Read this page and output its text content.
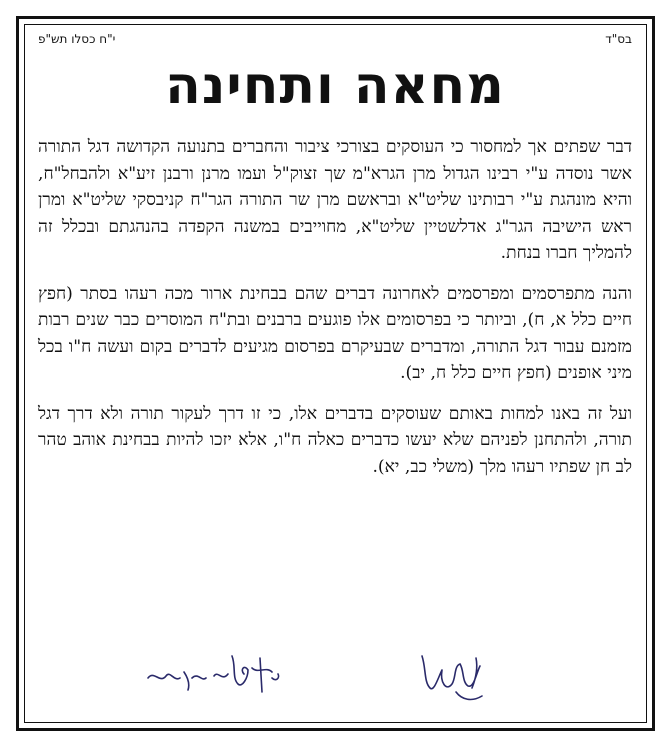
בס"ד
י"ח כסלו תש"פ
מחאה ותחינה

דבר שפתים אך למחסור כי העוסקים בצורכי ציבור והחברים בתנועה הקדושה דגל התורה אשר נוסדה ע"י רבינו הגדול מרן הגרא"מ שך זצוק"ל ועמו מרנן ורבנן זיע"א ולהבחל"ח, והיא מונהגת ע"י רבותינו שליט"א ובראשם מרן שר התורה הגר"ח קניבסקי שליט"א ומרן ראש הישיבה הגר"ג אדלשטיין שליט"א, מחוייבים במשנה הקפדה בהנהגתם ובכלל זה להמליך חברו בנחת.

והנה מתפרסמים ומפרסמים לאחרונה דברים שהם בבחינת ארור מכה רעהו בסתר (חפץ חיים כלל א, ח), וביותר כי בפרסומים אלו פוגעים ברבנים ובת"ח המוסרים כבר שנים רבות מזמנם עבור דגל התורה, ומדברים שבעיקרם בפרסום מגיעים לדברים בקום ועשה ח"ו בכל מיני אופנים (חפץ חיים כלל ח, יב).

ועל זה באנו למחות באותם שעוסקים בדברים אלו, כי זו דרך לעקור תורה ולא דרך דגל תורה, ולהתחנן לפניהם שלא יעשו כדברים כאלה ח"ו, אלא יזכו להיות בבחינת אוהב טהר לב חן שפתיו רעהו מלך (משלי כב, יא).
